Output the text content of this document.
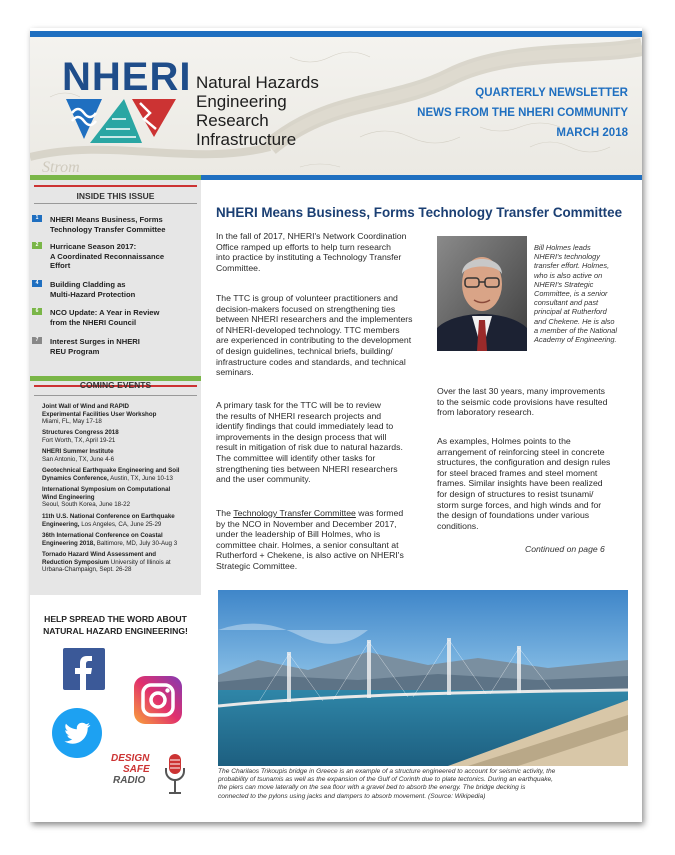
Strom
NHERI Natural Hazards
Engineering
Research
Infrastructure
QUARTERLY NEWSLETTER
NEWS FROM THE NHERI COMMUNITY
MARCH 2018
INSIDE THIS ISSUE
1	NHERI Means Business, Forms
Technology Transfer Committee
2	Hurricane Season 2017:
A Coordinated Reconnaissance
Effort
4	Building Cladding as
Multi-Hazard Protection
6	NCO Update: A Year in Review
from the NHERI Council
7	Interest Surges in NHERI
REU Program
COMING EVENTS
Joint Wall of Wind and RAPID
Experimental Facilities User Workshop
Miami, FL, May 17-18
Structures Congress 2018
Fort Worth, TX, April 19-21
NHERI Summer Institute
San Antonio, TX, June 4-6
Geotechnical Earthquake Engineering and Soil
Dynamics Conference, Austin, TX, June 10-13
International Symposium on Computational
Wind Engineering
Seoul, South Korea, June 18-22
11th U.S. National Conference on Earthquake
Engineering, Los Angeles, CA, June 25-29
36th International Conference on Coastal
Engineering 2018, Baltimore, MD, July 30-Aug 3
Tornado Hazard Wind Assessment and
Reduction Symposium University of Illinois at
Urbana-Champaign, Sept. 26-28
HELP SPREAD THE WORD ABOUT
NATURAL HAZARD ENGINEERING!
DESIGN
SAFE
RADIO
NHERI Means Business, Forms Technology Transfer Committee
In the fall of 2017, NHERI's Network Coordination
Office ramped up efforts to help turn research
into practice by instituting a Technology Transfer
Committee.
The TTC is group of volunteer practitioners and
decision-makers focused on strengthening ties
between NHERI researchers and the implementers
of NHERI-developed technology. TTC members
are experienced in contributing to the development
of design guidelines, technical briefs, building/
infrastructure codes and standards, and technical
seminars.
A primary task for the TTC will be to review
the results of NHERI research projects and
identify findings that could immediately lead to
improvements in the design process that will
result in mitigation of risk due to natural hazards.
The committee will identify other tasks for
strengthening ties between NHERI researchers
and the user community.
The Technology Transfer Committee was formed
by the NCO in November and December 2017,
under the leadership of Bill Holmes, who is
committee chair. Holmes, a senior consultant at
Rutherford + Chekene, is also active on NHERI's
Strategic Committee.
Bill Holmes leads
NHERI's technology
transfer effort. Holmes,
who is also active on
NHERI's Strategic
Committee, is a senior
consultant and past
principal at Rutherford
and Chekene. He is also
a member of the National
Academy of Engineering.
Over the last 30 years, many improvements
to the seismic code provisions have resulted
from laboratory research.
As examples, Holmes points to the
arrangement of reinforcing steel in concrete
structures, the configuration and design rules
for steel braced frames and steel moment
frames. Similar insights have been realized
for design of structures to resist tsunami/
storm surge forces, and high winds and for
the design of foundations under various
conditions.
Continued on page 6
The Charilaos Trikoupis bridge in Greece is an example of a structure engineered to account for seismic activity, the
probability of tsunamis as well as the expansion of the Gulf of Corinth due to plate tectonics. During an earthquake,
the piers can move laterally on the sea floor with a gravel bed to absorb the energy. The bridge decking is
connected to the pylons using jacks and dampers to absorb movement. (Source: Wikipedia)
